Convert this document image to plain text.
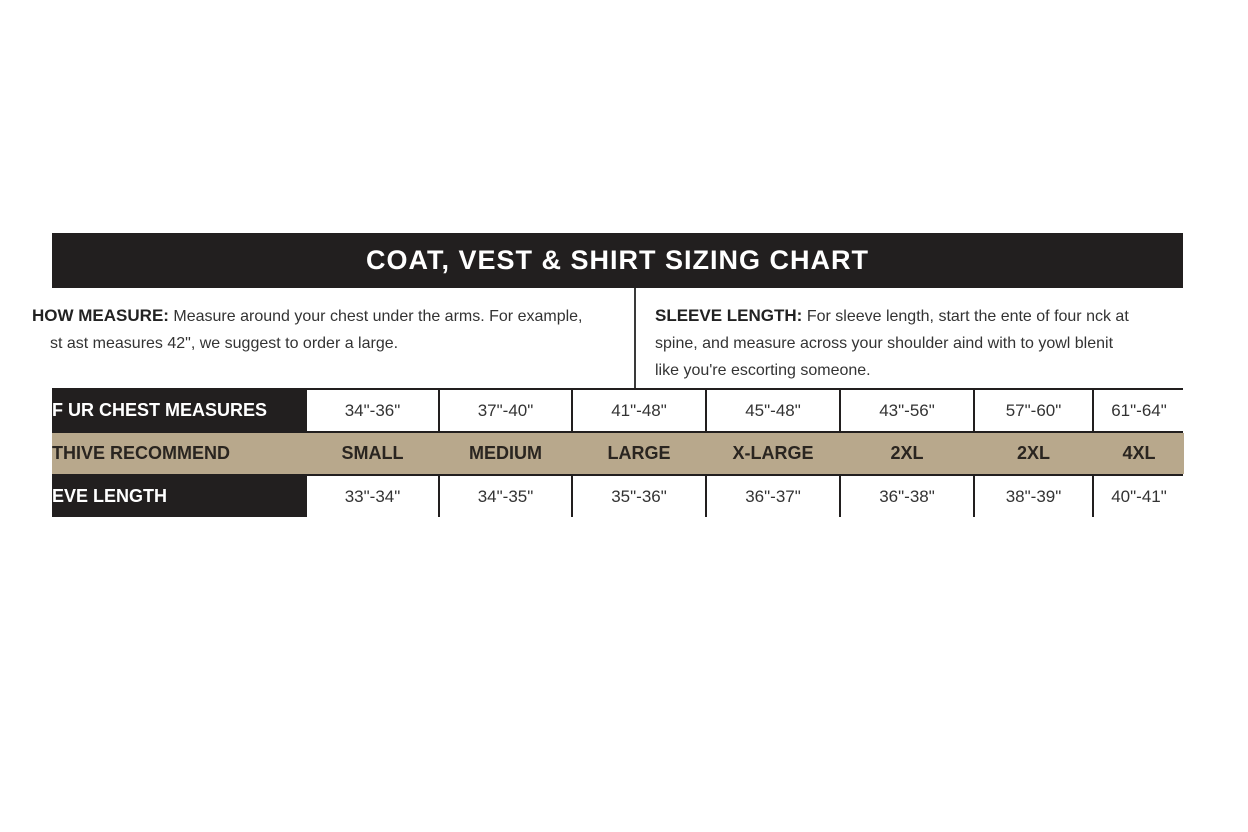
COAT, VEST & SHIRT SIZING CHART
HOW MEASURE: Measure around your chest under the arms. For example,
st ast measures 42", we suggest to order a large.
SLEEVE LENGTH: For sleeve length, start the ente of four nck at
spine, and measure across your shoulder aind with to yowl blenit
like you're escorting someone.
F UR CHEST MEASURES	34"-36"	37"-40"	41"-48"	45"-48"	43"-56"	57"-60"	61"-64"
THIVE RECOMMEND	SMALL	MEDIUM	LARGE	X-LARGE	2XL	2XL	4XL
EVE LENGTH	33"-34"	34"-35"	35"-36"	36"-37"	36"-38"	38"-39"	40"-41"
